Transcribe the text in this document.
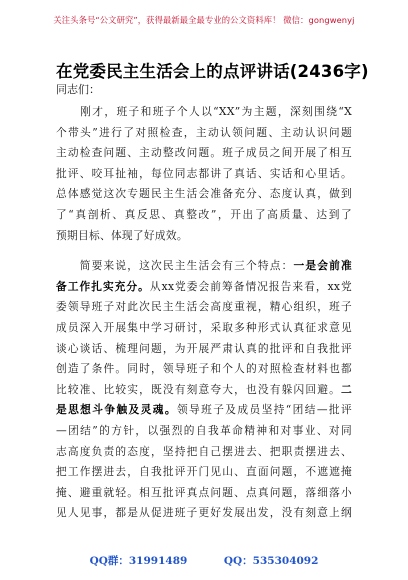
关注头条号“公文研究”，获得最新最全最专业的公文资料库！ 微信：gongwenyj
在党委民主生活会上的点评讲话(2436字)
同志们：
　　刚才，班子和班子个人以“XX”为主题，深刻围绕“X
个带头”进行了对照检查，主动认领问题、主动认识问题
主动检查问题、主动整改问题。班子成员之间开展了相互
批评、咬耳扯袖，每位同志都讲了真话、实话和心里话。
总体感觉这次专题民主生活会准备充分、态度认真，做到
了“真剖析、真反思、真整改”，开出了高质量、达到了
预期目标、体现了好成效。
　　简要来说，这次民主生活会有三个特点：一是会前准
备工作扎实充分。从xx党委会前筹备情况报告来看，xx党
委领导班子对此次民主生活会高度重视，精心组织，班子
成员深入开展集中学习研讨，采取多种形式认真征求意见
谈心谈话、梳理问题，为开展严肃认真的批评和自我批评
创造了条件。同时，领导班子和个人的对照检查材料也都
比较准、比较实，既没有刻意夸大，也没有躲闪回避。二
是思想斗争触及灵魂。领导班子及成员坚持“团结—批评
—团结”的方针，以强烈的自我革命精神和对事业、对同
志高度负责的态度，坚持把自己摆进去、把职责摆进去、
把工作摆进去，自我批评开门见山、直面问题，不遮遮掩
掩、避重就轻。相互批评真点问题、点真问题，落细落小
见人见事，都是从促进班子更好发展出发，没有刻意上纲
QQ群：31991489	QQ：535304092
